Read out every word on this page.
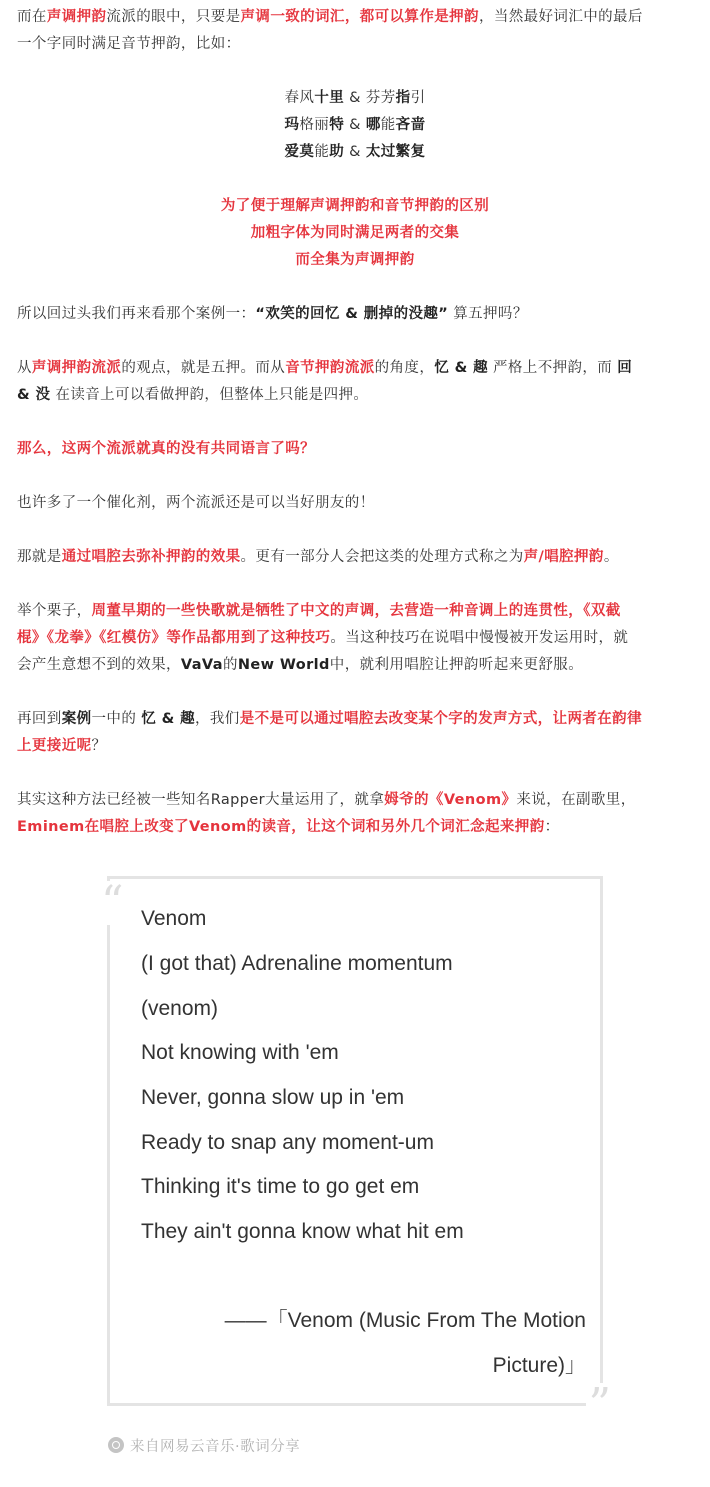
而在声调押韵流派的眼中，只要是声调一致的词汇，都可以算作是押韵，当然最好词汇中的最后
一个字同时满足音节押韵，比如：
春风十里 & 芬芳指引
玛格丽特 & 哪能吝啬
爱莫能助 & 太过繁复
为了便于理解声调押韵和音节押韵的区别
加粗字体为同时满足两者的交集
而全集为声调押韵
所以回过头我们再来看那个案例一：“欢笑的回忆 & 删掉的没趣” 算五押吗？
从声调押韵流派的观点，就是五押。而从音节押韵流派的角度，忆 & 趣 严格上不押韵，而 回
& 没 在读音上可以看做押韵，但整体上只能是四押。
那么，这两个流派就真的没有共同语言了吗？
也许多了一个催化剂，两个流派还是可以当好朋友的！
那就是通过唱腔去弥补押韵的效果。更有一部分人会把这类的处理方式称之为声/唱腔押韵。
举个栗子，周董早期的一些快歌就是牺牲了中文的声调，去营造一种音调上的连贯性，《双截
棍》《龙拳》《红模仿》等作品都用到了这种技巧。当这种技巧在说唱中慢慢被开发运用时，就
会产生意想不到的效果，VaVa的New World中，就利用唱腔让押韵听起来更舒服。
再回到案例一中的 忆 & 趣，我们是不是可以通过唱腔去改变某个字的发声方式，让两者在韵律
上更接近呢？
其实这种方法已经被一些知名Rapper大量运用了，就拿姆爷的《Venom》来说，在副歌里，
Eminem在唱腔上改变了Venom的读音，让这个词和另外几个词汇念起来押韵：
“ Venom
(I got that) Adrenaline momentum
(venom)
Not knowing with 'em
Never, gonna slow up in 'em
Ready to snap any moment-um
Thinking it's time to go get em
They ain't gonna know what hit em
——「Venom (Music From The Motion
Picture)」
”
来自网易云音乐·歌词分享
